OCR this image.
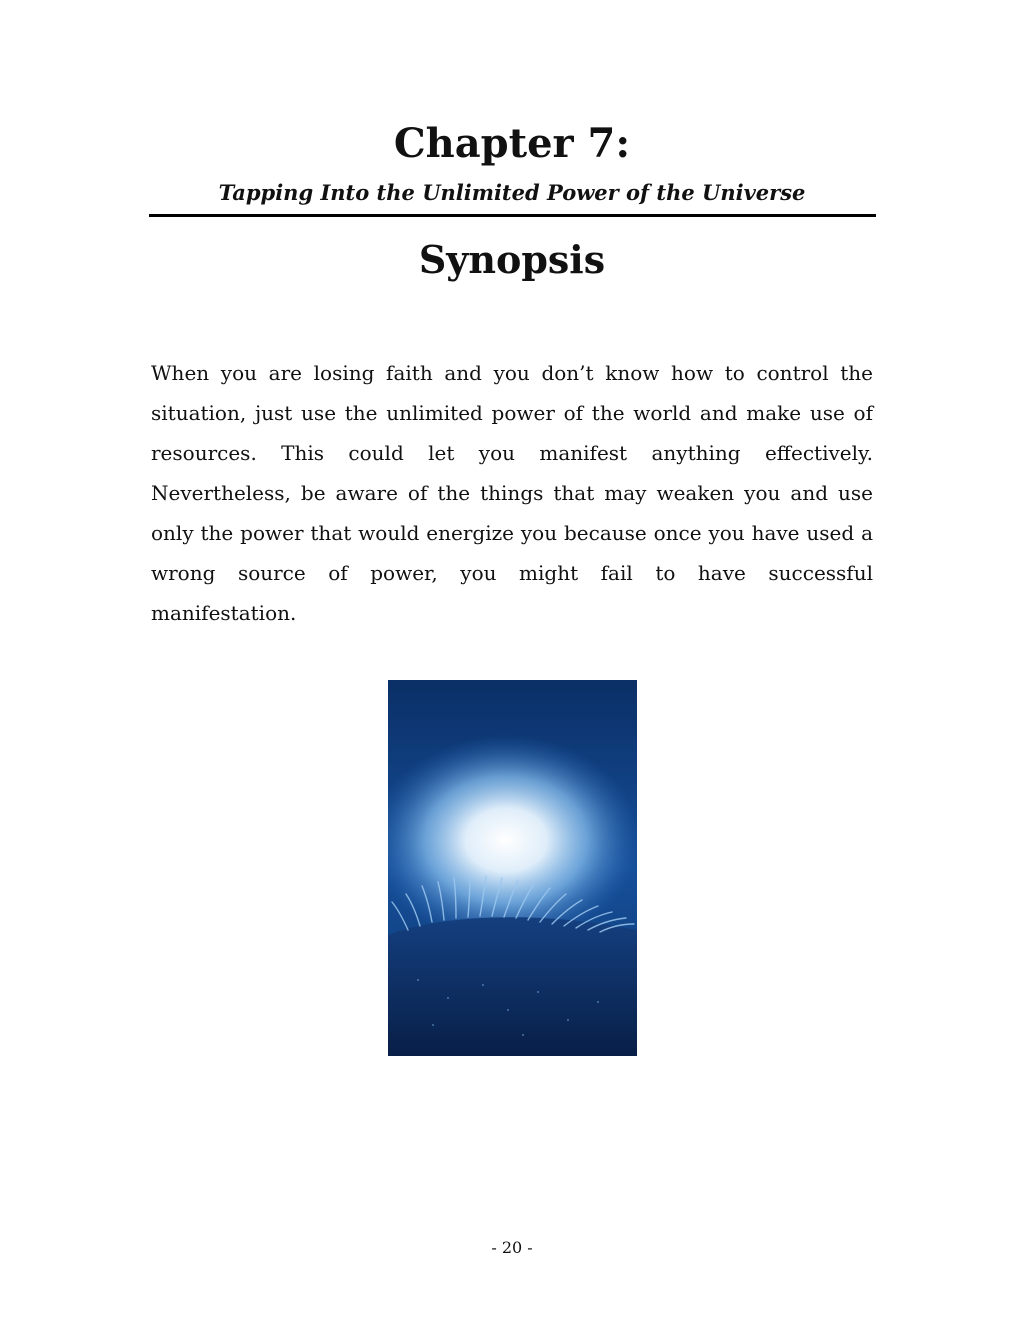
Chapter 7:

Tapping Into the Unlimited Power of the Universe

Synopsis

When you are losing faith and you don’t know how to control the situation, just use the unlimited power of the world and make use of resources. This could let you manifest anything effectively. Nevertheless, be aware of the things that may weaken you and use only the power that would energize you because once you have used a wrong source of power, you might fail to have successful manifestation.

- 20 -
